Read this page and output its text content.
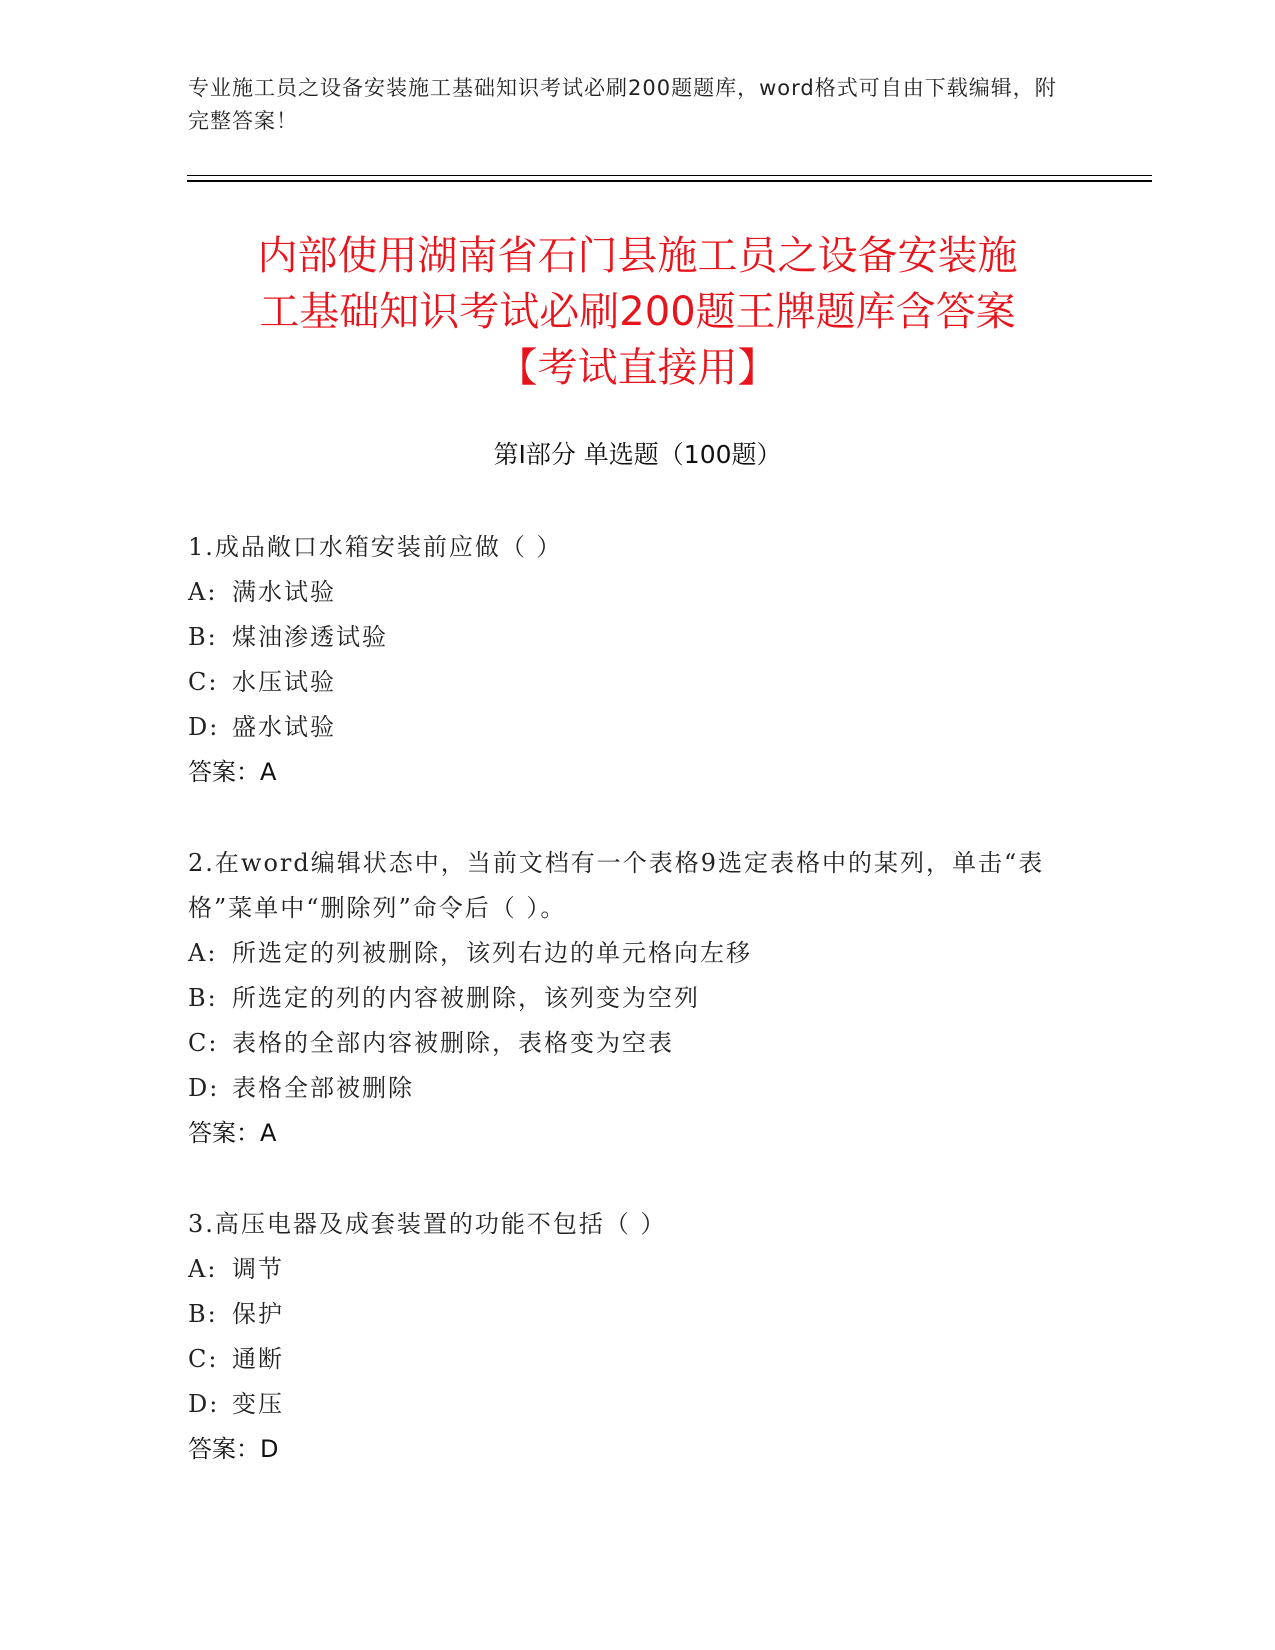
专业施工员之设备安装施工基础知识考试必刷200题题库，word格式可自由下载编辑，附完整答案！
内部使用湖南省石门县施工员之设备安装施
工基础知识考试必刷200题王牌题库含答案
【考试直接用】
第Ⅰ部分 单选题（100题）
1.成品敞口水箱安装前应做（ ）
A: 满水试验
B: 煤油渗透试验
C: 水压试验
D: 盛水试验
答案：A
2.在word编辑状态中，当前文档有一个表格9选定表格中的某列，单击“表格”菜单中“删除列”命令后（ ）。
A: 所选定的列被删除，该列右边的单元格向左移
B: 所选定的列的内容被删除，该列变为空列
C: 表格的全部内容被删除，表格变为空表
D: 表格全部被删除
答案：A
3.高压电器及成套装置的功能不包括（ ）
A: 调节
B: 保护
C: 通断
D: 变压
答案：D
